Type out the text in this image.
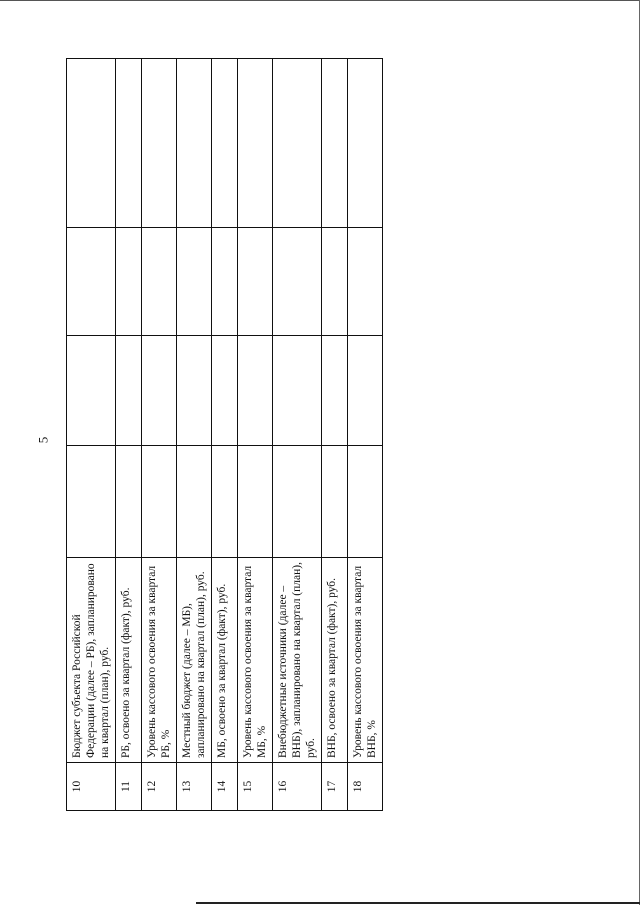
5
10	Бюджет субъекта Российской Федерации (далее – РБ), запланировано на квартал (план), руб.				
11	РБ, освоено за квартал (факт), руб.				
12	Уровень кассового освоения за квартал РБ, %				
13	Местный бюджет (далее – МБ), запланировано на квартал (план), руб.				
14	МБ, освоено за квартал (факт), руб.				
15	Уровень кассового освоения за квартал МБ, %				
16	Внебюджетные источники (далее – ВНБ), запланировано на квартал (план), руб.				
17	ВНБ, освоено за квартал (факт), руб.				
18	Уровень кассового освоения за квартал ВНБ, %				
